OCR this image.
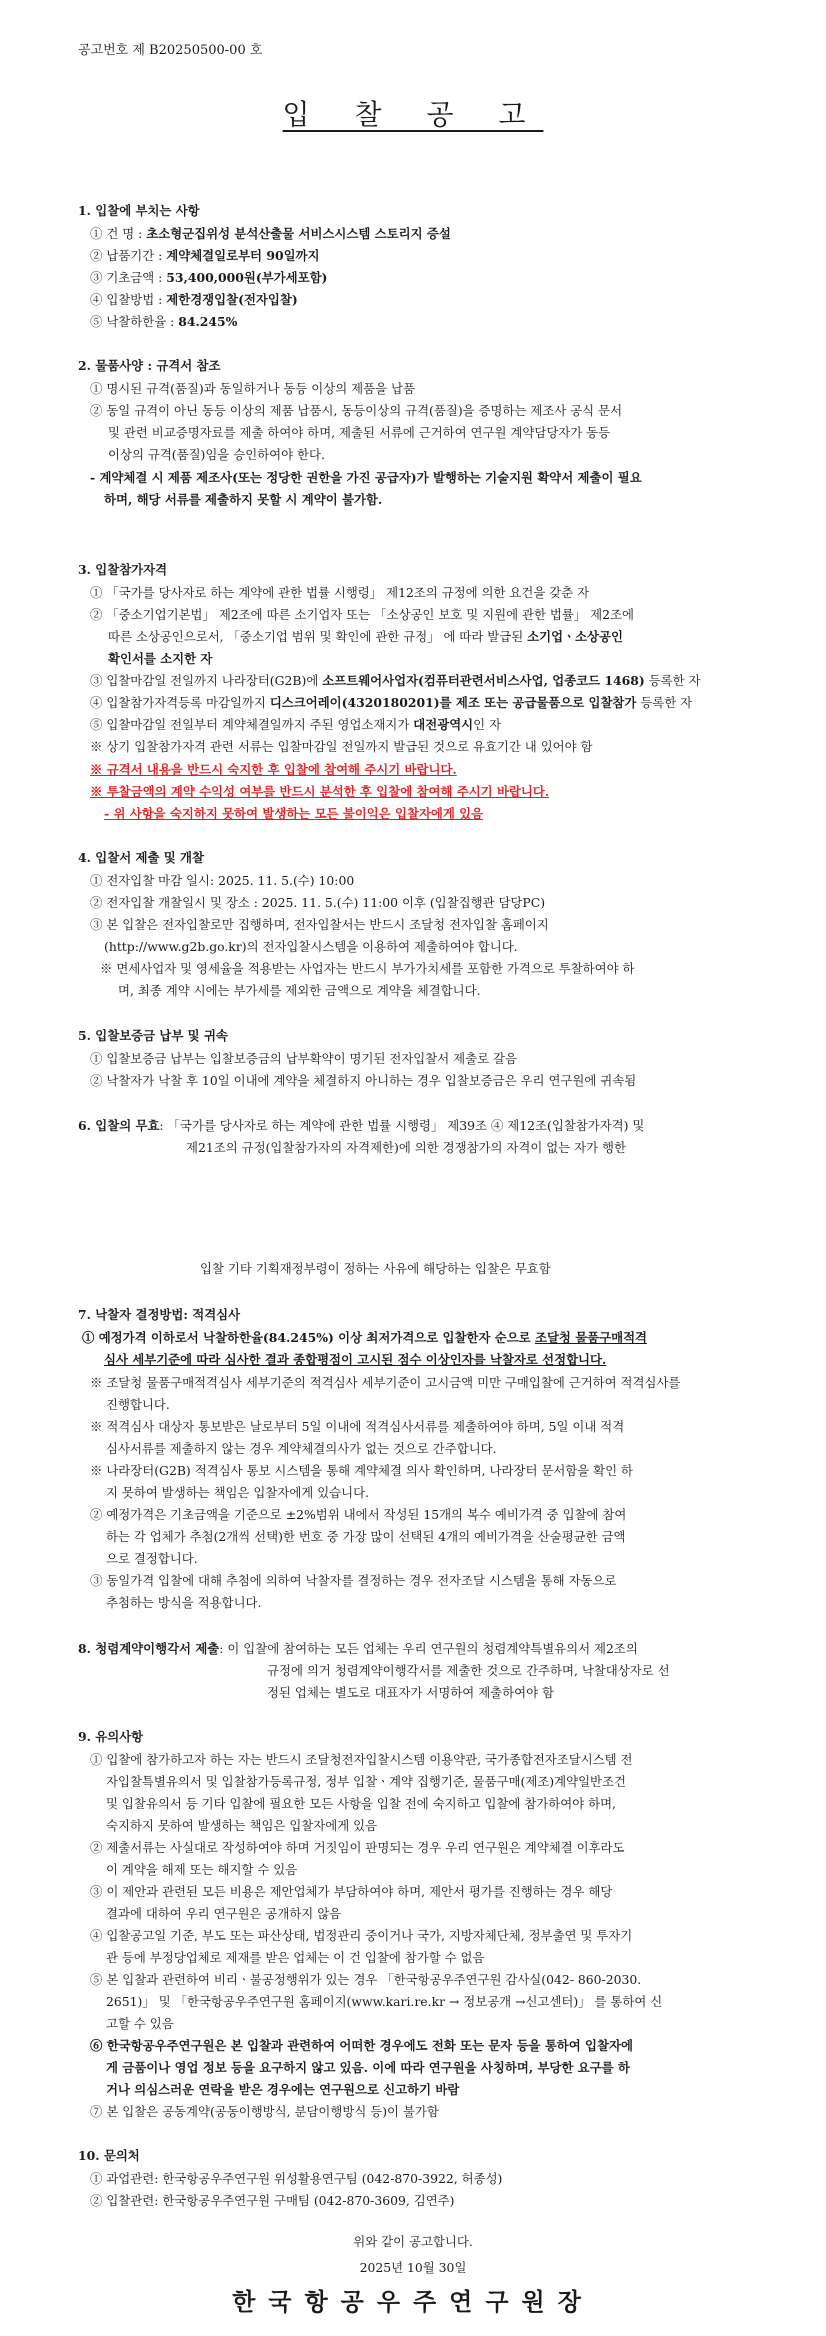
공고번호 제 B20250500-00 호
입 찰 공 고
1. 입찰에 부치는 사항
① 건 명 : 초소형군집위성 분석산출물 서비스시스템 스토리지 증설
② 납품기간 : 계약체결일로부터 90일까지
③ 기초금액 : 53,400,000원(부가세포함)
④ 입찰방법 : 제한경쟁입찰(전자입찰)
⑤ 낙찰하한율 : 84.245%
2. 물품사양 : 규격서 참조
① 명시된 규격(품질)과 동일하거나 동등 이상의 제품을 납품
② 동일 규격이 아닌 동등 이상의 제품 납품시, 동등이상의 규격(품질)을 증명하는 제조사 공식 문서
및 관련 비교증명자료를 제출 하여야 하며, 제출된 서류에 근거하여 연구원 계약담당자가 동등
이상의 규격(품질)임을 승인하여야 한다.
- 계약체결 시 제품 제조사(또는 정당한 권한을 가진 공급자)가 발행하는 기술지원 확약서 제출이 필요
하며, 해당 서류를 제출하지 못할 시 계약이 불가함.
3. 입찰참가자격
① 「국가를 당사자로 하는 계약에 관한 법률 시행령」 제12조의 규정에 의한 요건을 갖춘 자
② 「중소기업기본법」 제2조에 따른 소기업자 또는 「소상공인 보호 및 지원에 관한 법률」 제2조에
따른 소상공인으로서, 「중소기업 범위 및 확인에 관한 규정」 에 따라 발급된 소기업ㆍ소상공인
확인서를 소지한 자
③ 입찰마감일 전일까지 나라장터(G2B)에 소프트웨어사업자(컴퓨터관련서비스사업, 업종코드 1468) 등록한 자
④ 입찰참가자격등록 마감일까지 디스크어레이(4320180201)를 제조 또는 공급물품으로 입찰참가 등록한 자
⑤ 입찰마감일 전일부터 계약체결일까지 주된 영업소재지가 대전광역시인 자
※ 상기 입찰참가자격 관련 서류는 입찰마감일 전일까지 발급된 것으로 유효기간 내 있어야 함
※ 규격서 내용을 반드시 숙지한 후 입찰에 참여해 주시기 바랍니다.
※ 투찰금액의 계약 수익성 여부를 반드시 분석한 후 입찰에 참여해 주시기 바랍니다.
- 위 사항을 숙지하지 못하여 발생하는 모든 불이익은 입찰자에게 있음
4. 입찰서 제출 및 개찰
① 전자입찰 마감 일시: 2025. 11. 5.(수) 10:00
② 전자입찰 개찰일시 및 장소 : 2025. 11. 5.(수) 11:00 이후 (입찰집행관 담당PC)
③ 본 입찰은 전자입찰로만 집행하며, 전자입찰서는 반드시 조달청 전자입찰 홈페이지
(http://www.g2b.go.kr)의 전자입찰시스템을 이용하여 제출하여야 합니다.
※ 면세사업자 및 영세율을 적용받는 사업자는 반드시 부가가치세를 포함한 가격으로 투찰하여야 하
며, 최종 계약 시에는 부가세를 제외한 금액으로 계약을 체결합니다.
5. 입찰보증금 납부 및 귀속
① 입찰보증금 납부는 입찰보증금의 납부확약이 명기된 전자입찰서 제출로 갈음
② 낙찰자가 낙찰 후 10일 이내에 계약을 체결하지 아니하는 경우 입찰보증금은 우리 연구원에 귀속됨
6. 입찰의 무효: 「국가를 당사자로 하는 계약에 관한 법률 시행령」 제39조 ④ 제12조(입찰참가자격) 및
제21조의 규정(입찰참가자의 자격제한)에 의한 경쟁참가의 자격이 없는 자가 행한
입찰 기타 기획재정부령이 정하는 사유에 해당하는 입찰은 무효함
7. 낙찰자 결정방법: 적격심사
① 예정가격 이하로서 낙찰하한율(84.245%) 이상 최저가격으로 입찰한자 순으로 조달청 물품구매적격
심사 세부기준에 따라 심사한 결과 종합평점이 고시된 점수 이상인자를 낙찰자로 선정합니다.
※ 조달청 물품구매적격심사 세부기준의 적격심사 세부기준이 고시금액 미만 구매입찰에 근거하여 적격심사를
진행합니다.
※ 적격심사 대상자 통보받은 날로부터 5일 이내에 적격심사서류를 제출하여야 하며, 5일 이내 적격
심사서류를 제출하지 않는 경우 계약체결의사가 없는 것으로 간주합니다.
※ 나라장터(G2B) 적격심사 통보 시스템을 통해 계약체결 의사 확인하며, 나라장터 문서함을 확인 하
지 못하여 발생하는 책임은 입찰자에게 있습니다.
② 예정가격은 기초금액을 기준으로 ±2%범위 내에서 작성된 15개의 복수 예비가격 중 입찰에 참여
하는 각 업체가 추첨(2개씩 선택)한 번호 중 가장 많이 선택된 4개의 예비가격을 산술평균한 금액
으로 결정합니다.
③ 동일가격 입찰에 대해 추첨에 의하여 낙찰자를 결정하는 경우 전자조달 시스템을 통해 자동으로
추첨하는 방식을 적용합니다.
8. 청렴계약이행각서 제출: 이 입찰에 참여하는 모든 업체는 우리 연구원의 청렴계약특별유의서 제2조의
규정에 의거 청렴계약이행각서를 제출한 것으로 간주하며, 낙찰대상자로 선
정된 업체는 별도로 대표자가 서명하여 제출하여야 함
9. 유의사항
① 입찰에 참가하고자 하는 자는 반드시 조달청전자입찰시스템 이용약관, 국가종합전자조달시스템 전
자입찰특별유의서 및 입찰참가등록규정, 정부 입찰ㆍ계약 집행기준, 물품구매(제조)계약일반조건
및 입찰유의서 등 기타 입찰에 필요한 모든 사항을 입찰 전에 숙지하고 입찰에 참가하여야 하며,
숙지하지 못하여 발생하는 책임은 입찰자에게 있음
② 제출서류는 사실대로 작성하여야 하며 거짓임이 판명되는 경우 우리 연구원은 계약체결 이후라도
이 계약을 해제 또는 해지할 수 있음
③ 이 제안과 관련된 모든 비용은 제안업체가 부담하여야 하며, 제안서 평가를 진행하는 경우 해당
결과에 대하여 우리 연구원은 공개하지 않음
④ 입찰공고일 기준, 부도 또는 파산상태, 법정관리 중이거나 국가, 지방자체단체, 정부출연 및 투자기
관 등에 부정당업체로 제재를 받은 업체는 이 건 입찰에 참가할 수 없음
⑤ 본 입찰과 관련하여 비리ㆍ불공정행위가 있는 경우 「한국항공우주연구원 감사실(042- 860-2030.
2651)」 및 「한국항공우주연구원 홈페이지(www.kari.re.kr → 정보공개 →신고센터)」 를 통하여 신
고할 수 있음
⑥ 한국항공우주연구원은 본 입찰과 관련하여 어떠한 경우에도 전화 또는 문자 등을 통하여 입찰자에
게 금품이나 영업 정보 등을 요구하지 않고 있음. 이에 따라 연구원을 사칭하며, 부당한 요구를 하
거나 의심스러운 연락을 받은 경우에는 연구원으로 신고하기 바람
⑦ 본 입찰은 공동계약(공동이행방식, 분담이행방식 등)이 불가함
10. 문의처
① 과업관련: 한국항공우주연구원 위성활용연구팀 (042-870-3922, 허종성)
② 입찰관련: 한국항공우주연구원 구매팀 (042-870-3609, 김연주)
위와 같이 공고합니다.
2025년 10월 30일
한국항공우주연구원장
